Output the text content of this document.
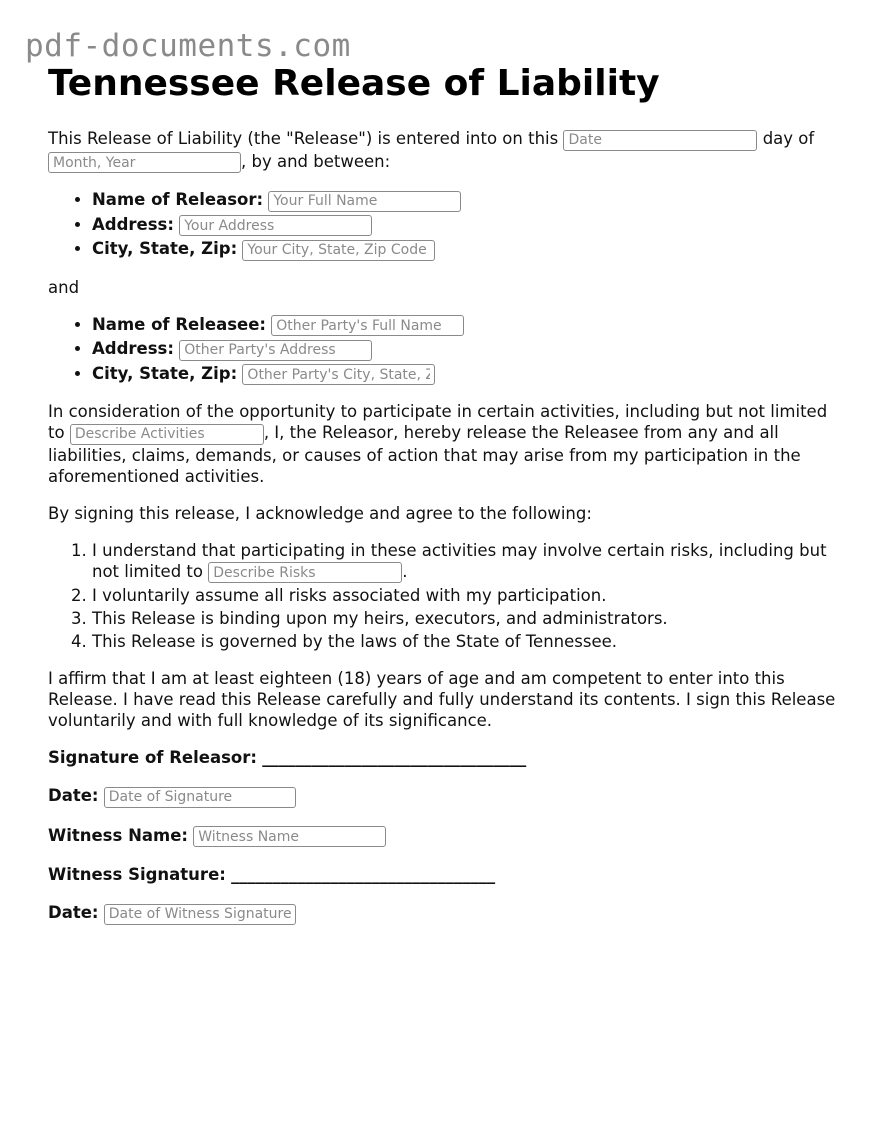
pdf-documents.com
Tennessee Release of Liability

This Release of Liability (the "Release") is entered into on this Date	day of Month, Year, by and between:

• Name of Releasor: Your Full Name
• Address: Your Address
• City, State, Zip: Your City, State, Zip Code

and

• Name of Releasee: Other Party's Full Name
• Address: Other Party's Address
• City, State, Zip: Other Party's City, State, Zip Code

In consideration of the opportunity to participate in certain activities, including but not limited to Describe Activities	, I, the Releasor, hereby release the Releasee from any and all liabilities, claims, demands, or causes of action that may arise from my participation in the aforementioned activities.

By signing this release, I acknowledge and agree to the following:

1. I understand that participating in these activities may involve certain risks, including but not limited to Describe Risks	.
2. I voluntarily assume all risks associated with my participation.
3. This Release is binding upon my heirs, executors, and administrators.
4. This Release is governed by the laws of the State of Tennessee.

I affirm that I am at least eighteen (18) years of age and am competent to enter into this Release. I have read this Release carefully and fully understand its contents. I sign this Release voluntarily and with full knowledge of its significance.

Signature of Releasor: ________________________________
Date: Date of Signature
Witness Name: Witness Name
Witness Signature: ________________________________
Date: Date of Witness Signature
